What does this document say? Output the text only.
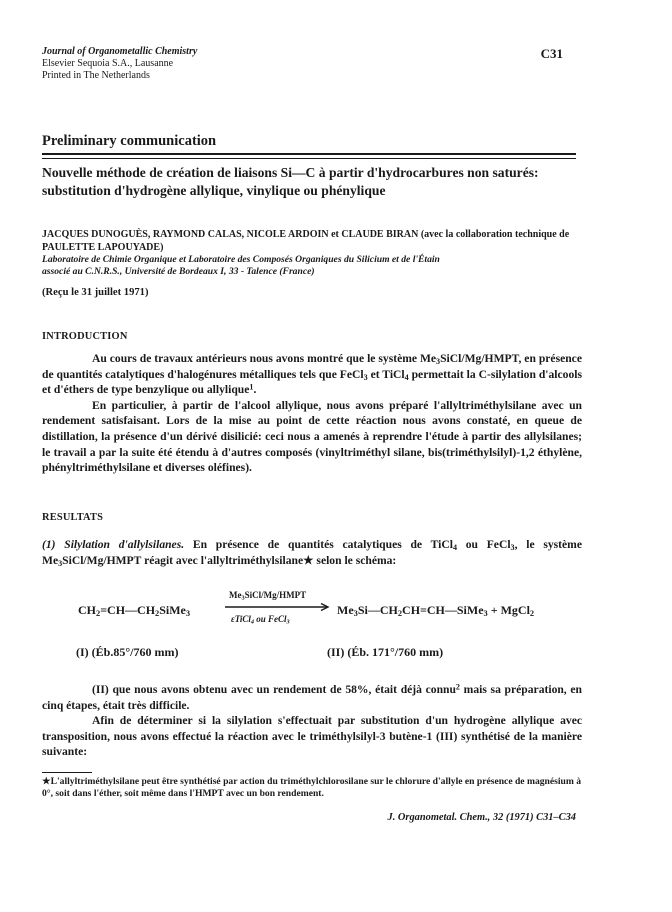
Journal of Organometallic Chemistry
Elsevier Sequoia S.A., Lausanne
Printed in The Netherlands
C31
Preliminary communication
Nouvelle méthode de création de liaisons Si—C à partir d'hydrocarbures non saturés: substitution d'hydrogène allylique, vinylique ou phénylique
JACQUES DUNOGUÈS, RAYMOND CALAS, NICOLE ARDOIN et CLAUDE BIRAN (avec la collaboration technique de PAULETTE LAPOUYADE)
Laboratoire de Chimie Organique et Laboratoire des Composés Organiques du Silicium et de l'Étain
associé au C.N.R.S., Université de Bordeaux I, 33 - Talence (France)
(Reçu le 31 juillet 1971)
INTRODUCTION

Au cours de travaux antérieurs nous avons montré que le système $Me_3SiCl/Mg$/HMPT, en présence de quantités catalytiques d'halogénures métalliques tels que FeCl$_3$ et TiCl$_4$ permettait la C-silylation d'alcools et d'éthers de type benzylique ou allylique$^1$.

En particulier, à partir de l'alcool allylique, nous avons préparé l'allyltriméthylsilane avec un rendement satisfaisant. Lors de la mise au point de cette réaction nous avons constaté, en queue de distillation, la présence d'un dérivé disilicié: ceci nous a amenés à reprendre l'étude à partir des allylsilanes; le travail a par la suite été étendu à d'autres composés (vinyltriméthyl silane, bis(triméthylsilyl)-1,2 éthylène, phényltriméthylsilane et diverses oléfines).

RESULTATS

(1) Silylation d'allylsilanes. En présence de quantités catalytiques de TiCl$_4$ ou FeCl$_3$, le système $Me_3SiCl/Mg$/HMPT réagit avec l'allyltriméthylsilane★ selon le schéma:

$CH_2=CH—CH_2SiMe_3$
$Me_3SiCl/Mg$/HMPT
εTiCl$_4$ ou FeCl$_3$
$Me_3Si—CH_2CH=CH—SiMe_3$ + MgCl$_2$
(I) (Éb.85°/760 mm)	(II) (Éb. 171°/760 mm)

(II) que nous avons obtenu avec un rendement de 58%, était déjà connu$^2$ mais sa préparation, en cinq étapes, était très difficile.

Afin de déterminer si la silylation s'effectuait par substitution d'un hydrogène allylique avec transposition, nous avons effectué la réaction avec le triméthylsilyl-3 butène-1 (III) synthétisé de la manière suivante:

★L'allyltriméthylsilane peut être synthétisé par action du triméthylchlorosilane sur le chlorure d'allyle en présence de magnésium à 0°, soit dans l'éther, soit même dans l'HMPT avec un bon rendement.
J. Organometal. Chem., 32 (1971) C31–C34
